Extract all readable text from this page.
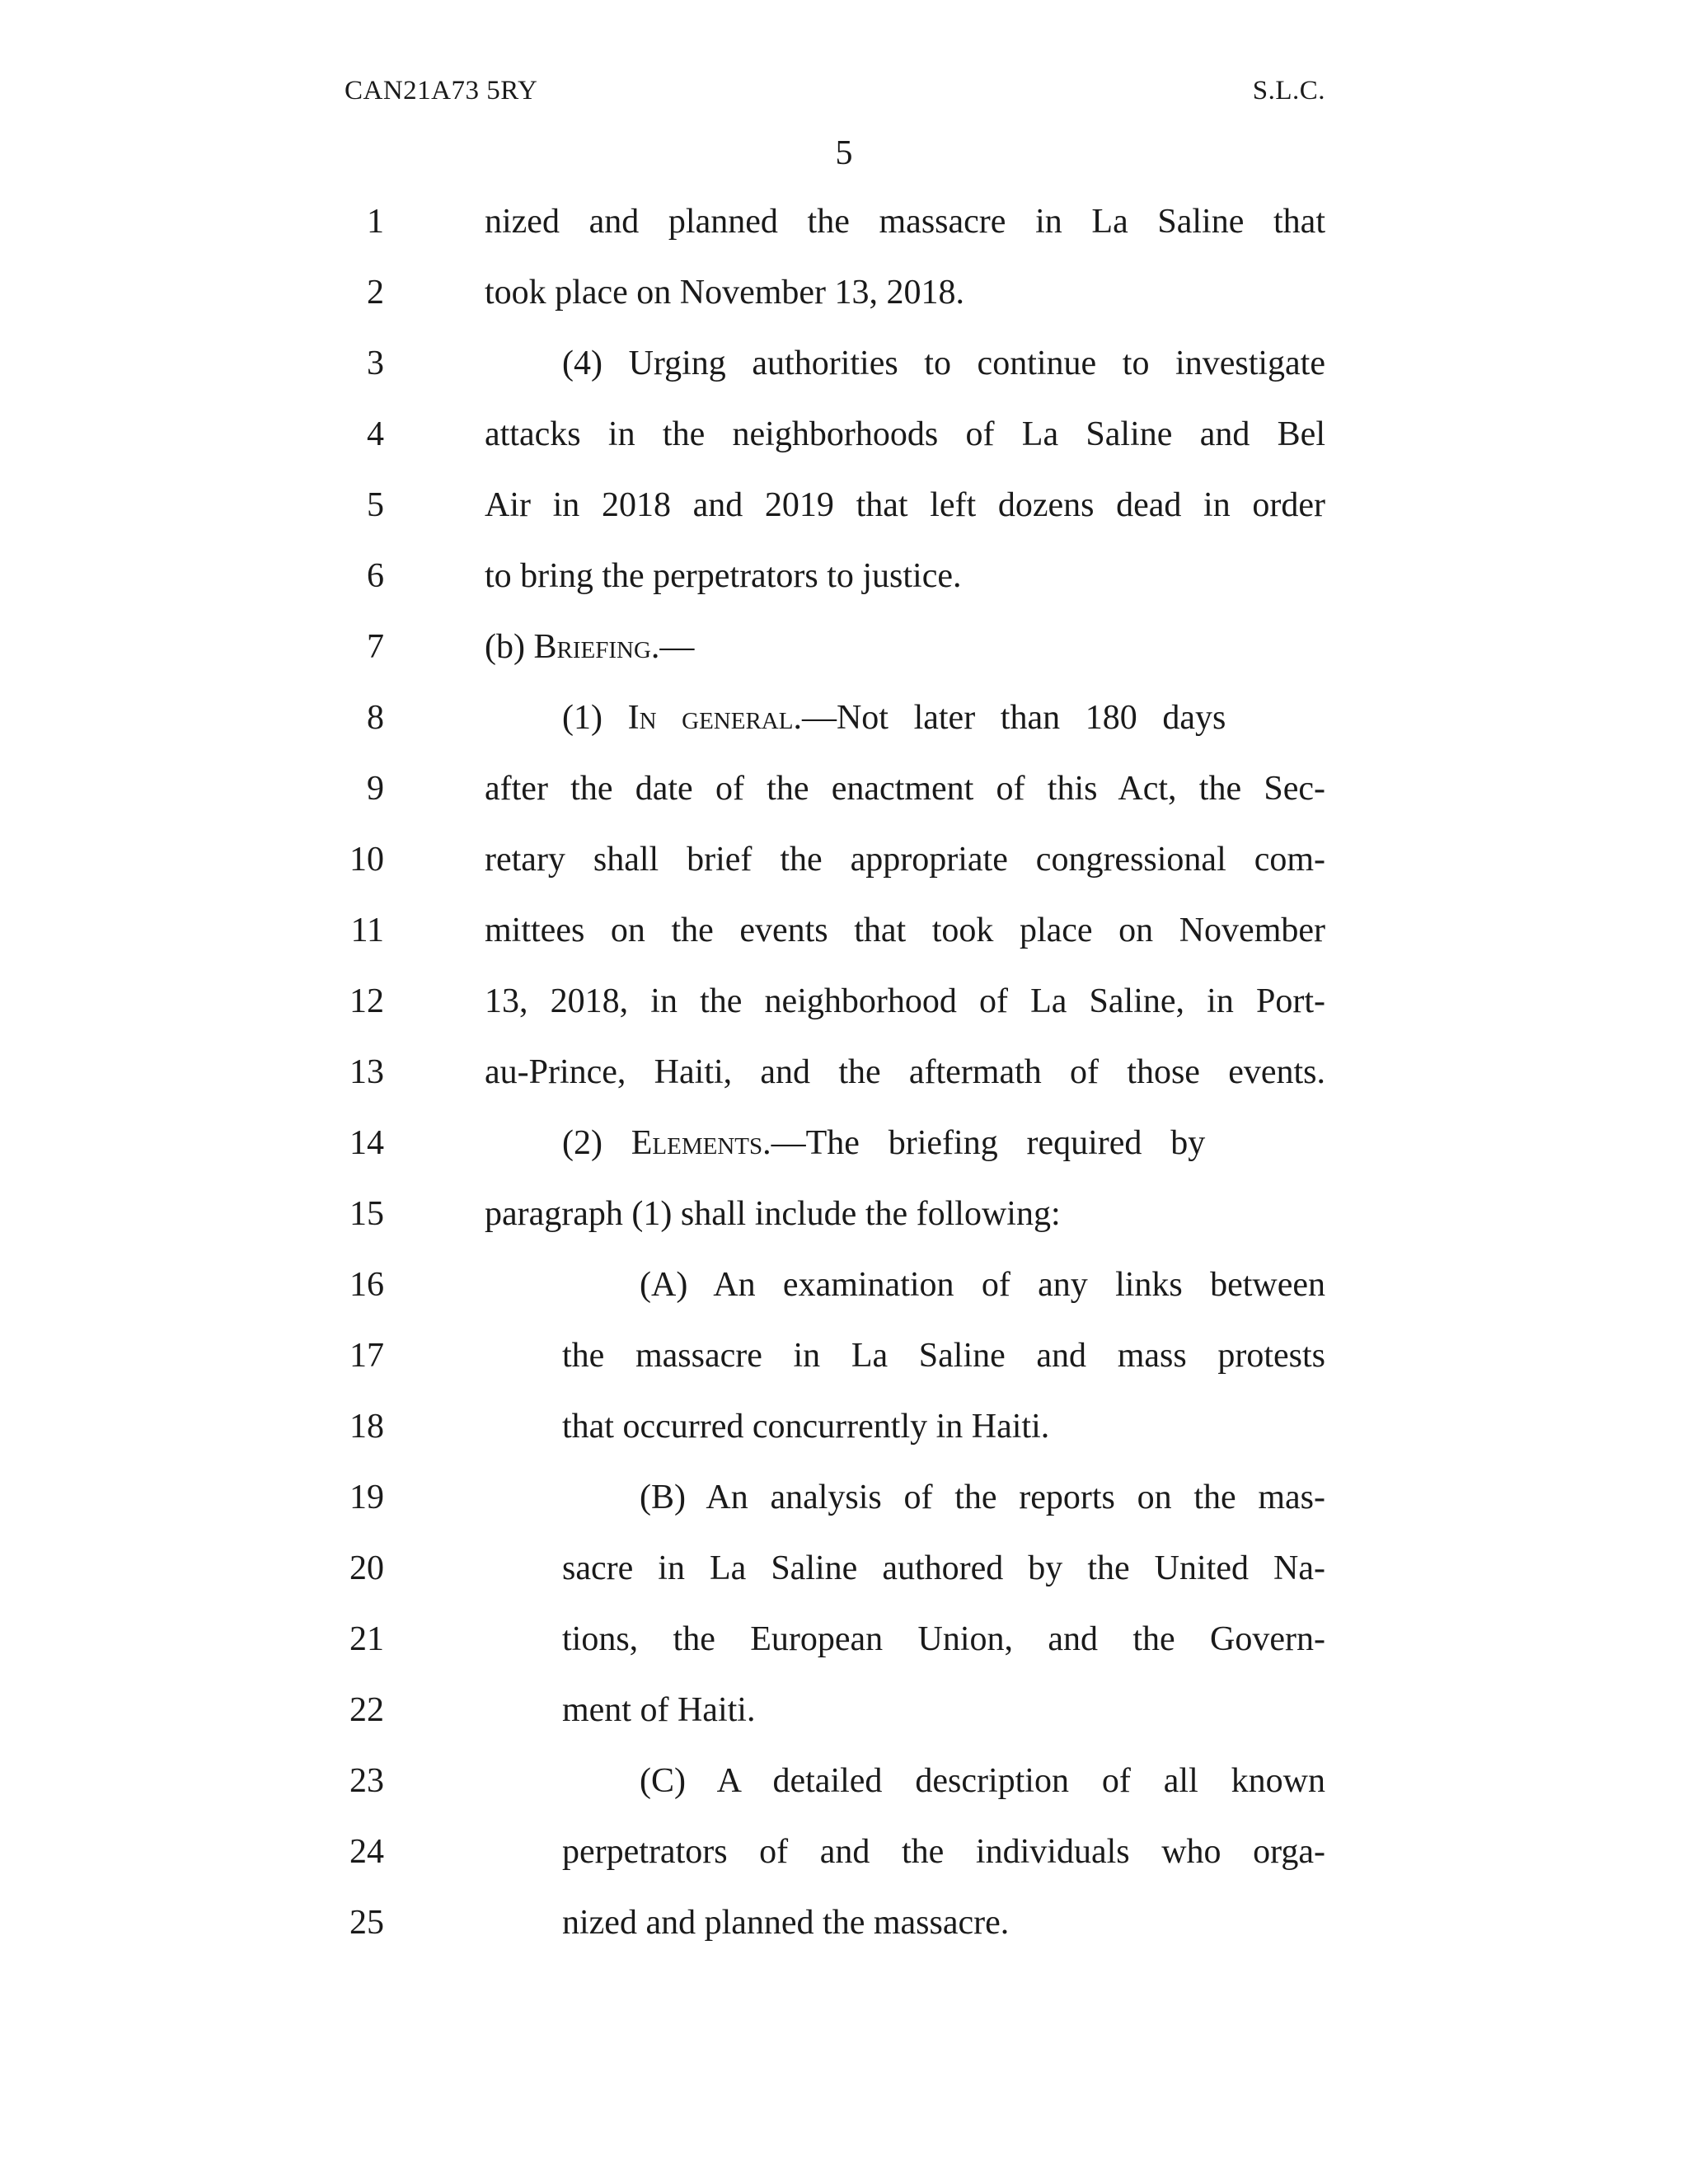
CAN21A73 5RY	S.L.C.
5
1	nized and planned the massacre in La Saline that
2	took place on November 13, 2018.
3	(4) Urging authorities to continue to investigate
4	attacks in the neighborhoods of La Saline and Bel
5	Air in 2018 and 2019 that left dozens dead in order
6	to bring the perpetrators to justice.
7	(b) Briefing.—
8	(1) In general.—Not later than 180 days
9	after the date of the enactment of this Act, the Sec-
10	retary shall brief the appropriate congressional com-
11	mittees on the events that took place on November
12	13, 2018, in the neighborhood of La Saline, in Port-
13	au-Prince, Haiti, and the aftermath of those events.
14	(2) Elements.—The briefing required by
15	paragraph (1) shall include the following:
16	(A) An examination of any links between
17	the massacre in La Saline and mass protests
18	that occurred concurrently in Haiti.
19	(B) An analysis of the reports on the mas-
20	sacre in La Saline authored by the United Na-
21	tions, the European Union, and the Govern-
22	ment of Haiti.
23	(C) A detailed description of all known
24	perpetrators of and the individuals who orga-
25	nized and planned the massacre.
